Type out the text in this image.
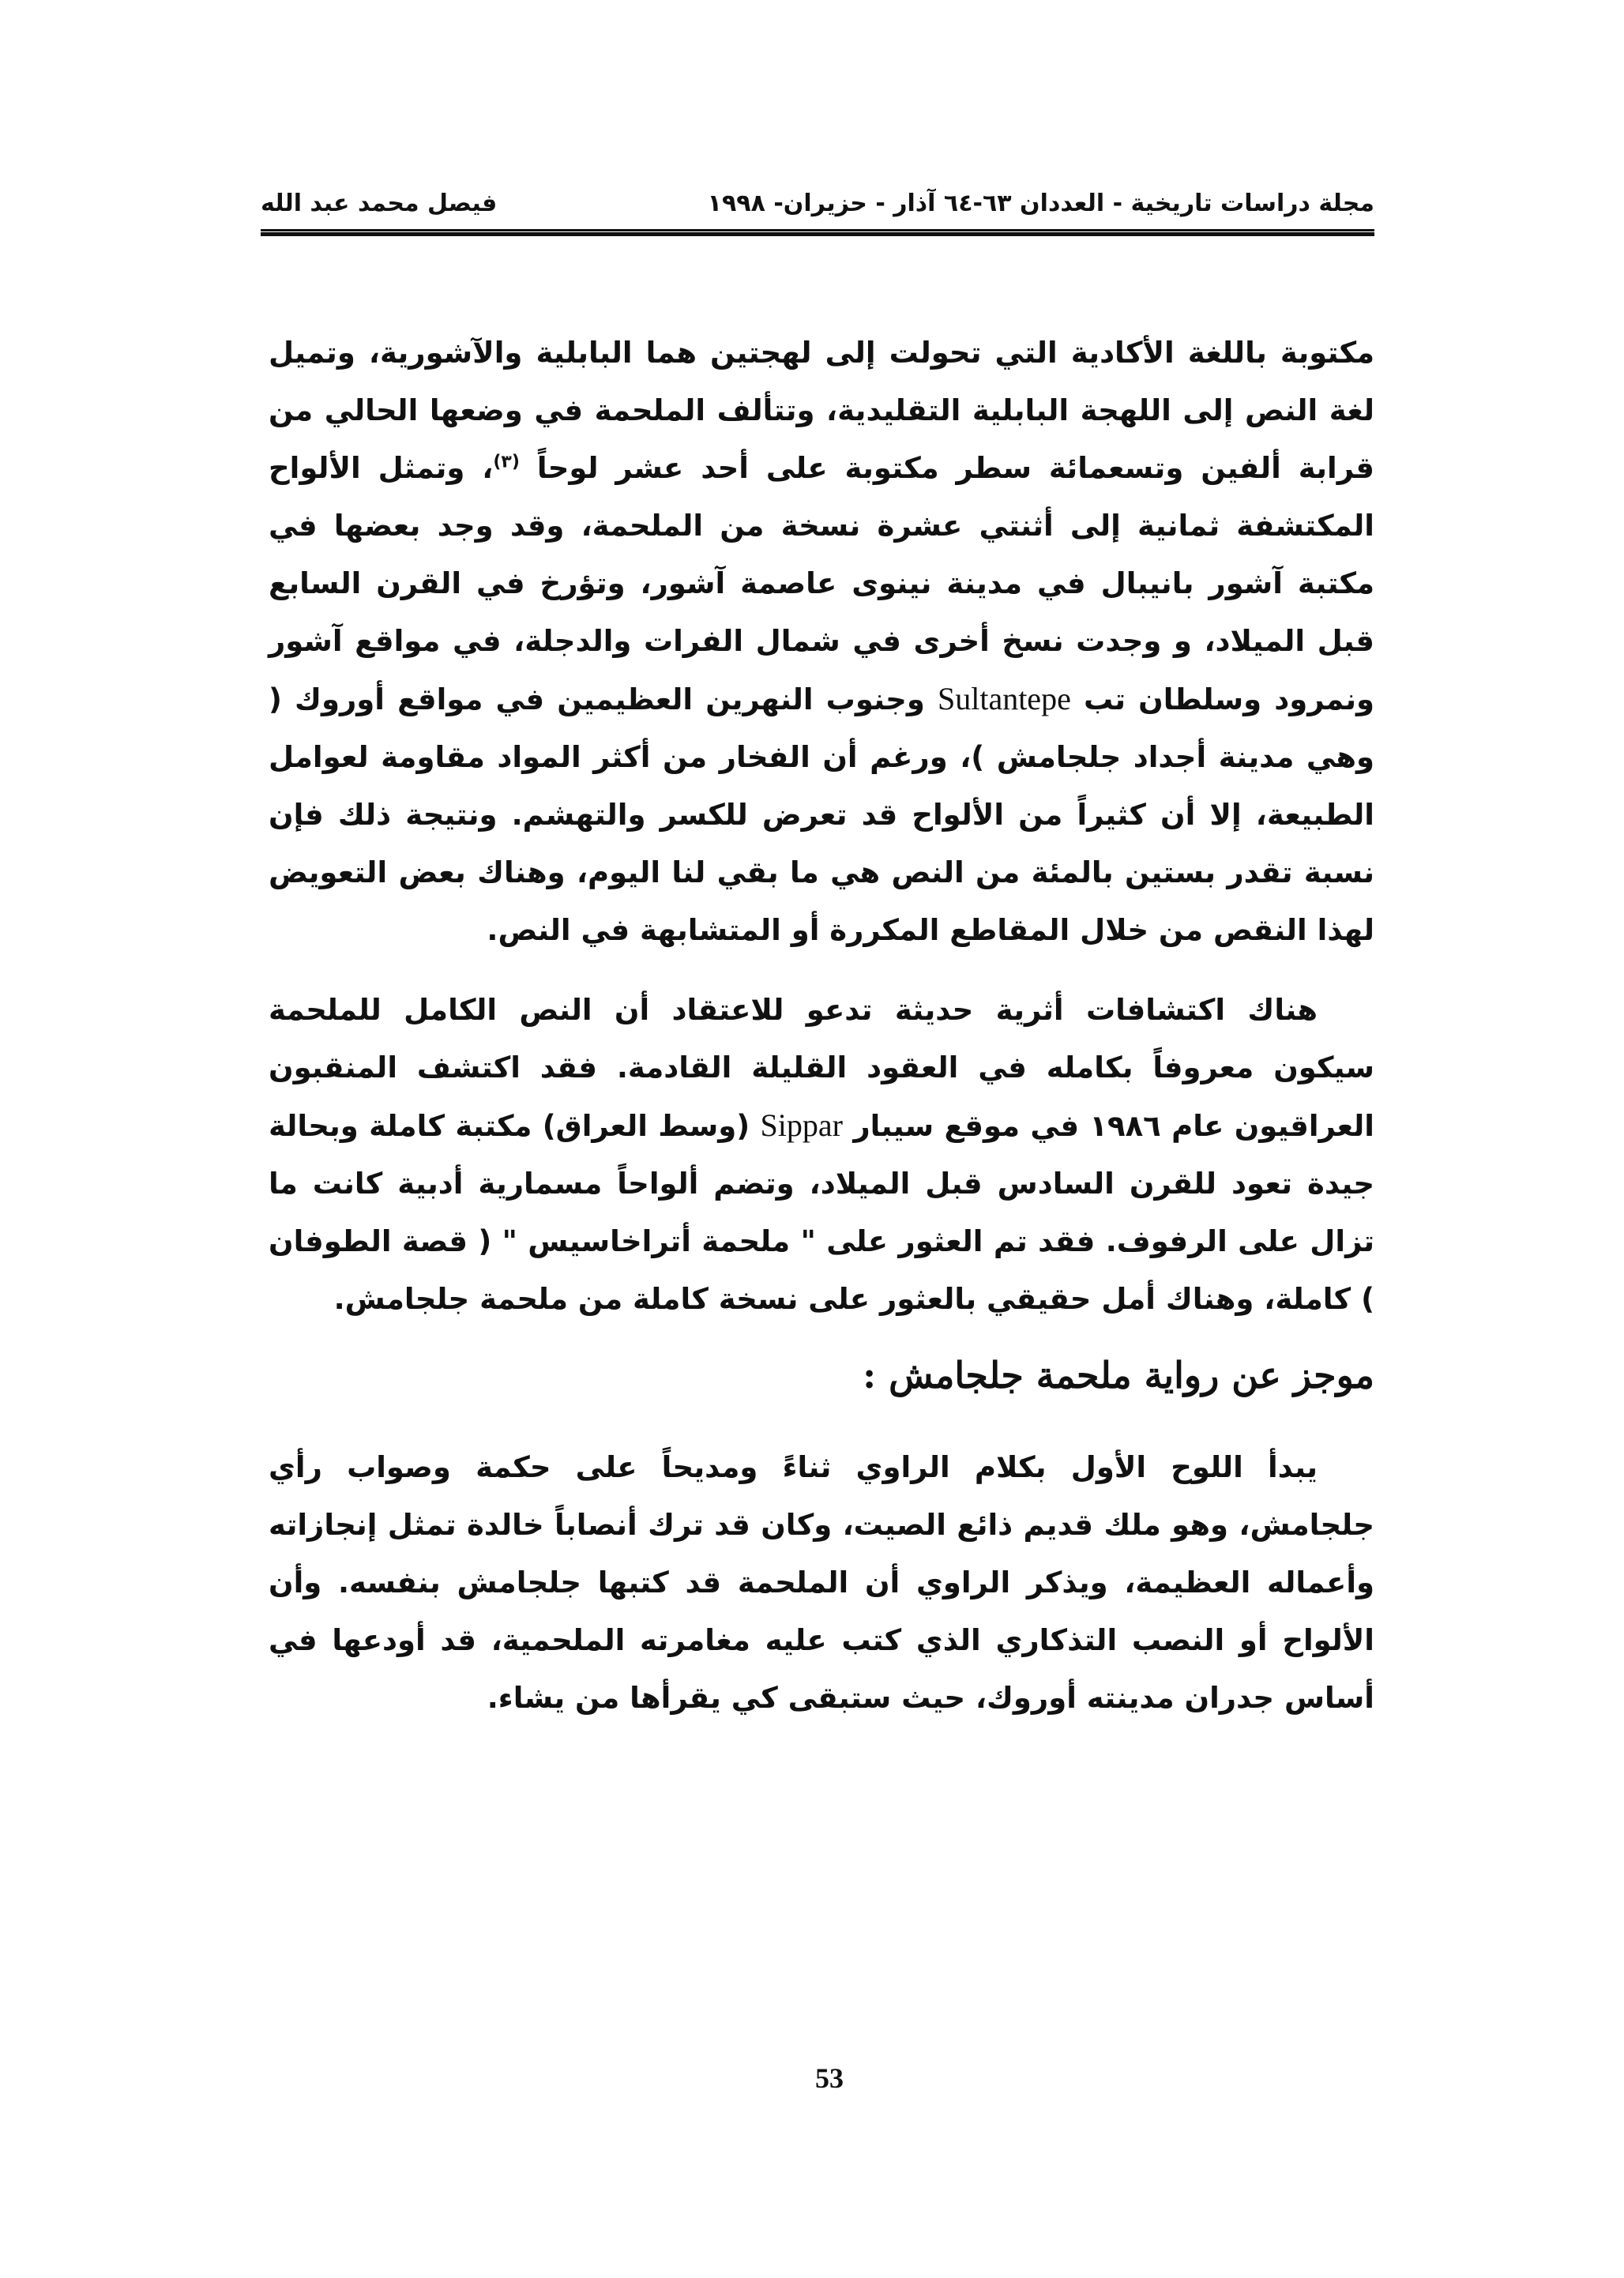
مجلة دراسات تاريخية - العددان ٦٣-٦٤ آذار - حزيران- ١٩٩٨
فيصل محمد عبد الله

مكتوبة باللغة الأكادية التي تحولت إلى لهجتين هما البابلية والآشورية، وتميل لغة النص إلى اللهجة البابلية التقليدية، وتتألف الملحمة في وضعها الحالي من قرابة ألفين وتسعمائة سطر مكتوبة على أحد عشر لوحاً $^{(٣)}$، وتمثل الألواح المكتشفة ثمانية إلى أثنتي عشرة نسخة من الملحمة، وقد وجد بعضها في مكتبة آشور بانيبال في مدينة نينوى عاصمة آشور، وتؤرخ في القرن السابع قبل الميلاد، و وجدت نسخ أخرى في شمال الفرات والدجلة، في مواقع آشور ونمرود وسلطان تب Sultantepe وجنوب النهرين العظيمين في مواقع أوروك ( وهي مدينة أجداد جلجامش )، ورغم أن الفخار من أكثر المواد مقاومة لعوامل الطبيعة، إلا أن كثيراً من الألواح قد تعرض للكسر والتهشم. ونتيجة ذلك فإن نسبة تقدر بستين بالمئة من النص هي ما بقي لنا اليوم، وهناك بعض التعويض لهذا النقص من خلال المقاطع المكررة أو المتشابهة في النص.

هناك اكتشافات أثرية حديثة تدعو للاعتقاد أن النص الكامل للملحمة سيكون معروفاً بكامله في العقود القليلة القادمة. فقد اكتشف المنقبون العراقيون عام ١٩٨٦ في موقع سيبار Sippar (وسط العراق) مكتبة كاملة وبحالة جيدة تعود للقرن السادس قبل الميلاد، وتضم ألواحاً مسمارية أدبية كانت ما تزال على الرفوف. فقد تم العثور على " ملحمة أتراخاسيس " ( قصة الطوفان ) كاملة، وهناك أمل حقيقي بالعثور على نسخة كاملة من ملحمة جلجامش.

موجز عن رواية ملحمة جلجامش :

يبدأ اللوح الأول بكلام الراوي ثناءً ومديحاً على حكمة وصواب رأي جلجامش، وهو ملك قديم ذائع الصيت، وكان قد ترك أنصاباً خالدة تمثل إنجازاته وأعماله العظيمة، ويذكر الراوي أن الملحمة قد كتبها جلجامش بنفسه. وأن الألواح أو النصب التذكاري الذي كتب عليه مغامرته الملحمية، قد أودعها في أساس جدران مدينته أوروك، حيث ستبقى كي يقرأها من يشاء.

53
